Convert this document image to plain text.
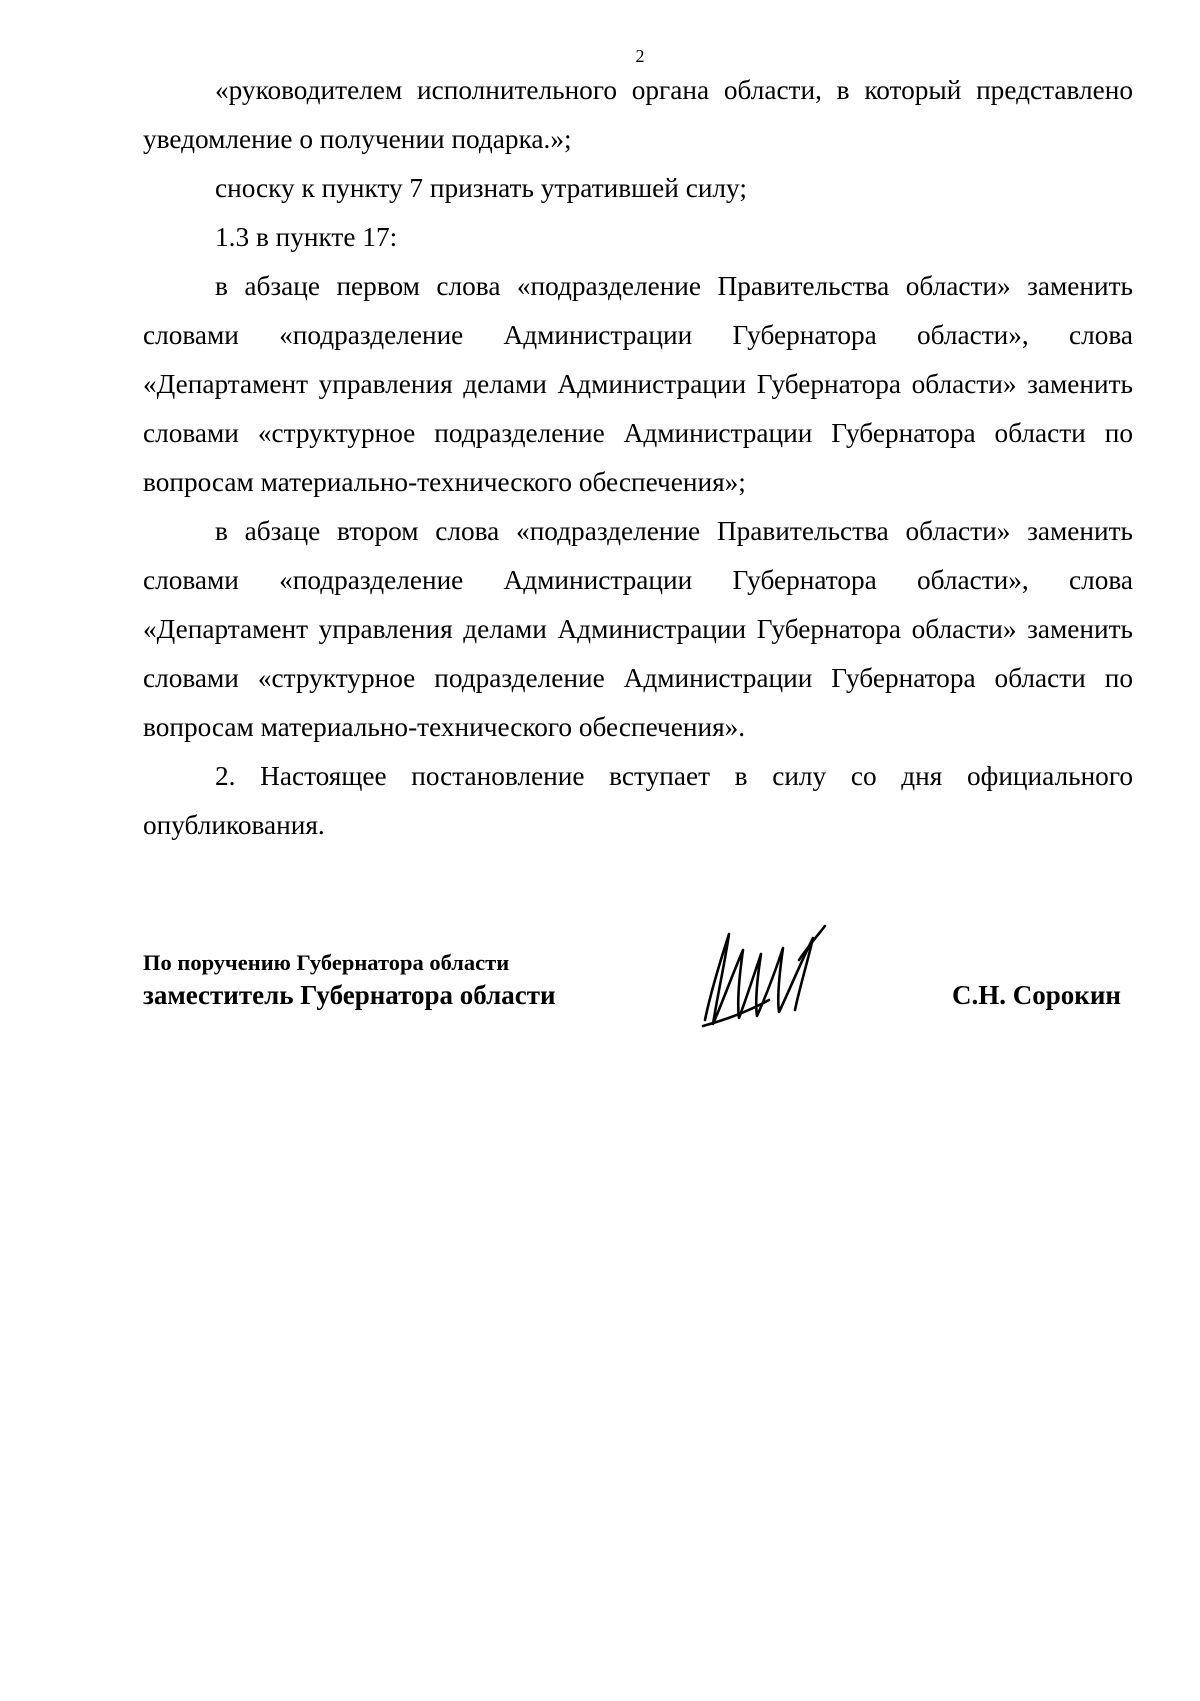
2

«руководителем исполнительного органа области, в который представлено уведомление о получении подарка.»;

сноску к пункту 7 признать утратившей силу;

1.3 в пункте 17:

в абзаце первом слова «подразделение Правительства области» заменить словами «подразделение Администрации Губернатора области», слова «Департамент управления делами Администрации Губернатора области» заменить словами «структурное подразделение Администрации Губернатора области по вопросам материально-технического обеспечения»;

в абзаце втором слова «подразделение Правительства области» заменить словами «подразделение Администрации Губернатора области», слова «Департамент управления делами Администрации Губернатора области» заменить словами «структурное подразделение Администрации Губернатора области по вопросам материально-технического обеспечения».

2. Настоящее постановление вступает в силу со дня официального опубликования.

По поручению Губернатора области
заместитель Губернатора области	С.Н. Сорокин
